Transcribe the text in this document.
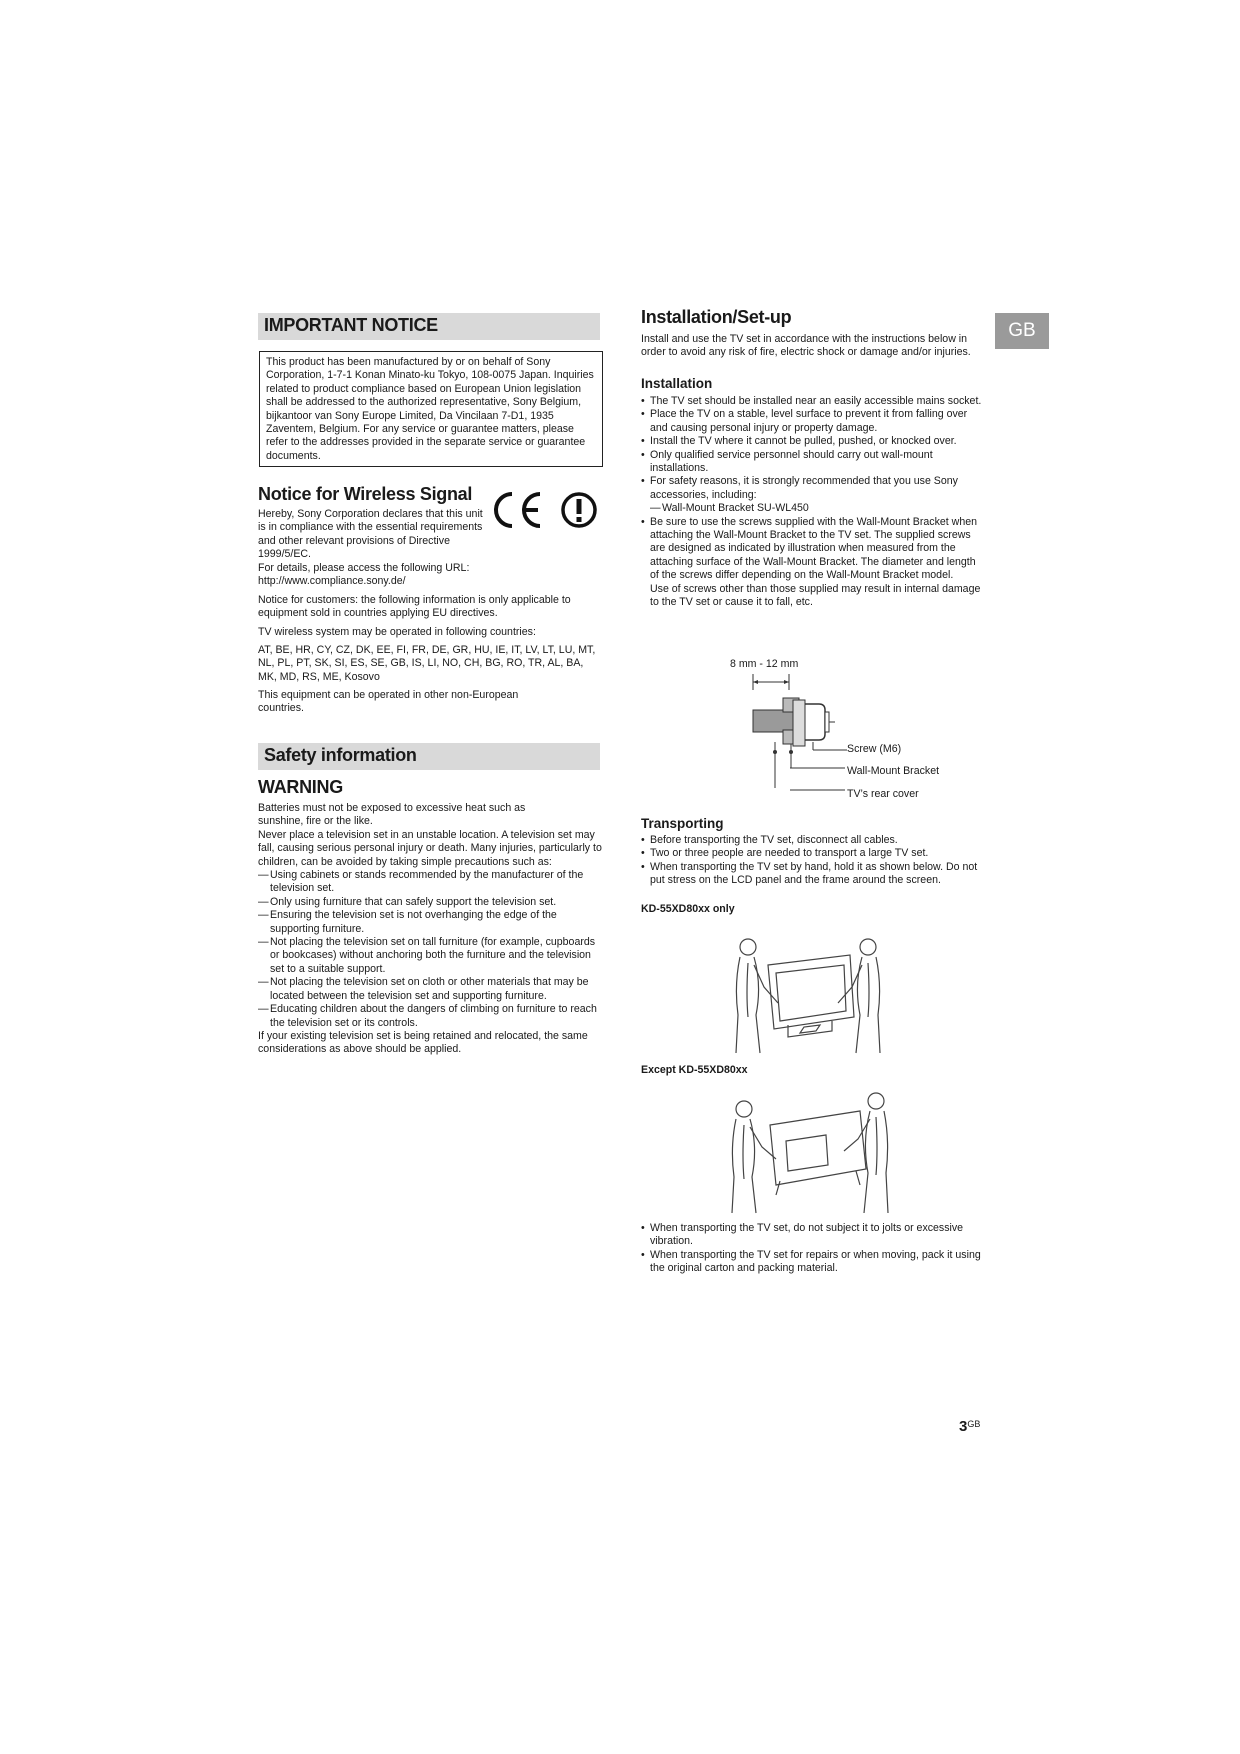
IMPORTANT NOTICE

This product has been manufactured by or on behalf of Sony Corporation, 1-7-1 Konan Minato-ku Tokyo, 108-0075 Japan. Inquiries related to product compliance based on European Union legislation shall be addressed to the authorized representative, Sony Belgium, bijkantoor van Sony Europe Limited, Da Vincilaan 7-D1, 1935 Zaventem, Belgium. For any service or guarantee matters, please refer to the addresses provided in the separate service or guarantee documents.

Notice for Wireless Signal
Hereby, Sony Corporation declares that this unit is in compliance with the essential requirements and other relevant provisions of Directive 1999/5/EC.
For details, please access the following URL:
http://www.compliance.sony.de/
Notice for customers: the following information is only applicable to equipment sold in countries applying EU directives.
TV wireless system may be operated in following countries:
AT, BE, HR, CY, CZ, DK, EE, FI, FR, DE, GR, HU, IE, IT, LV, LT, LU, MT, NL, PL, PT, SK, SI, ES, SE, GB, IS, LI, NO, CH, BG, RO, TR, AL, BA, MK, MD, RS, ME, Kosovo
This equipment can be operated in other non-European countries.
Safety information
WARNING

Batteries must not be exposed to excessive heat such as sunshine, fire or the like.

Never place a television set in an unstable location. A television set may fall, causing serious personal injury or death. Many injuries, particularly to children, can be avoided by taking simple precautions such as:

— Using cabinets or stands recommended by the manufacturer of the television set.
— Only using furniture that can safely support the television set.
— Ensuring the television set is not overhanging the edge of the supporting furniture.
— Not placing the television set on tall furniture (for example, cupboards or bookcases) without anchoring both the furniture and the television set to a suitable support.
— Not placing the television set on cloth or other materials that may be located between the television set and supporting furniture.
— Educating children about the dangers of climbing on furniture to reach the television set or its controls.

If your existing television set is being retained and relocated, the same considerations as above should be applied.

GB
Installation/Set-up
Install and use the TV set in accordance with the instructions below in order to avoid any risk of fire, electric shock or damage and/or injuries.
Installation
• The TV set should be installed near an easily accessible mains socket.
• Place the TV on a stable, level surface to prevent it from falling over and causing personal injury or property damage.
• Install the TV where it cannot be pulled, pushed, or knocked over.
• Only qualified service personnel should carry out wall-mount installations.
• For safety reasons, it is strongly recommended that you use Sony accessories, including:
— Wall-Mount Bracket SU-WL450
• Be sure to use the screws supplied with the Wall-Mount Bracket when attaching the Wall-Mount Bracket to the TV set. The supplied screws are designed as indicated by illustration when measured from the attaching surface of the Wall-Mount Bracket. The diameter and length of the screws differ depending on the Wall-Mount Bracket model.
Use of screws other than those supplied may result in internal damage to the TV set or cause it to fall, etc.
8 mm - 12 mm
Screw (M6)
Wall-Mount Bracket
TV’s rear cover
Transporting
• Before transporting the TV set, disconnect all cables.
• Two or three people are needed to transport a large TV set.
• When transporting the TV set by hand, hold it as shown below. Do not put stress on the LCD panel and the frame around the screen.
KD-55XD80xx only
Except KD-55XD80xx
• When transporting the TV set, do not subject it to jolts or excessive vibration.
• When transporting the TV set for repairs or when moving, pack it using the original carton and packing material.
$3^{GB}$
